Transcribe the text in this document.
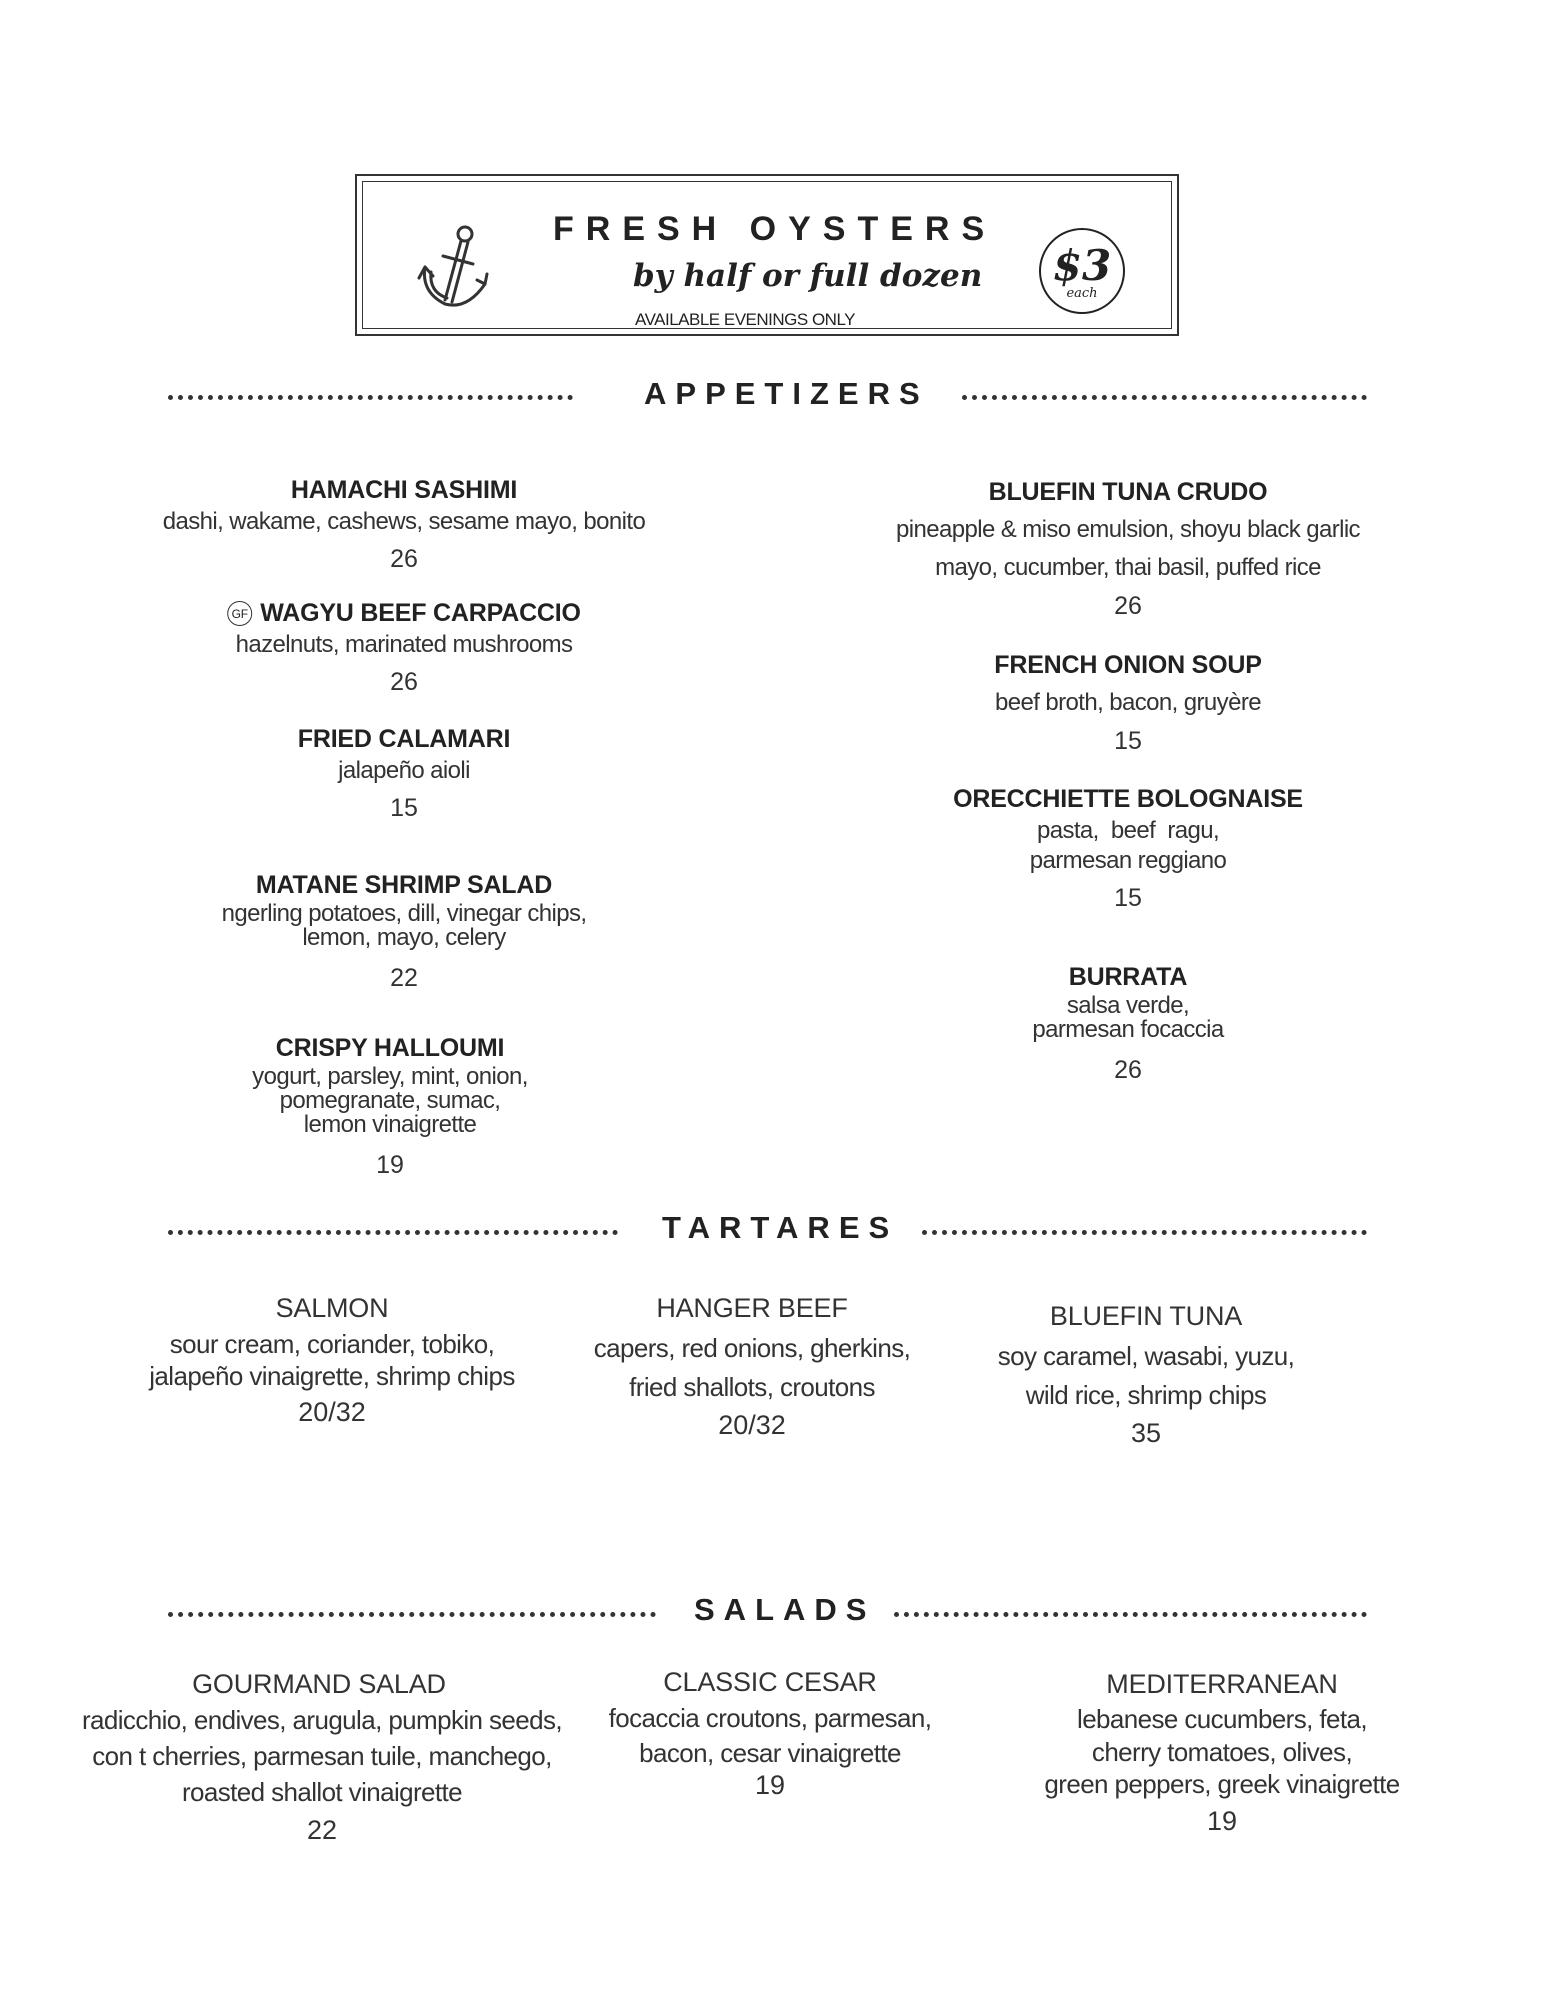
FRESH OYSTERS
by half or full dozen
AVAILABLE EVENINGS ONLY
$3
each
APPETIZERS
HAMACHI SASHIMI
dashi, wakame, cashews, sesame mayo, bonito
26
GF WAGYU BEEF CARPACCIO
hazelnuts, marinated mushrooms
26
FRIED CALAMARI
jalapeño aioli
15
MATANE SHRIMP SALAD
ngerling potatoes, dill, vinegar chips,
lemon, mayo, celery
22
CRISPY HALLOUMI
yogurt, parsley, mint, onion,
pomegranate, sumac,
lemon vinaigrette
19
BLUEFIN TUNA CRUDO
pineapple & miso emulsion, shoyu black garlic
mayo, cucumber, thai basil, puffed rice
26
FRENCH ONION SOUP
beef broth, bacon, gruyère
15
ORECCHIETTE BOLOGNAISE
pasta,  beef  ragu,
parmesan reggiano
15
BURRATA
salsa verde,
parmesan focaccia
26
TARTARES
SALMON
sour cream, coriander, tobiko,
jalapeño vinaigrette, shrimp chips
20/32
HANGER BEEF
capers, red onions, gherkins,
fried shallots, croutons
20/32
BLUEFIN TUNA
soy caramel, wasabi, yuzu,
wild rice, shrimp chips
35
SALADS
GOURMAND SALAD
radicchio, endives, arugula, pumpkin seeds,
con t cherries, parmesan tuile, manchego,
roasted shallot vinaigrette
22
CLASSIC CESAR
focaccia croutons, parmesan,
bacon, cesar vinaigrette
19
MEDITERRANEAN
lebanese cucumbers, feta,
cherry tomatoes, olives,
green peppers, greek vinaigrette
19
